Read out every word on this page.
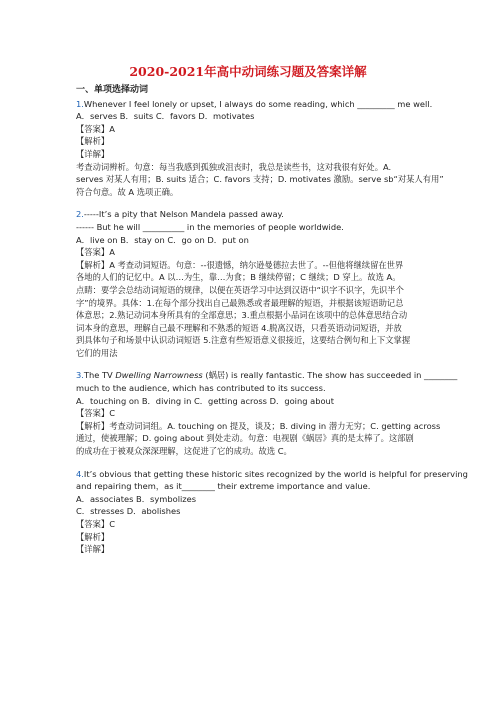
2020-2021年高中动词练习题及答案详解
一、单项选择动词
1.Whenever I feel lonely or upset, I always do some reading, which _________ me well.
A．serves B．suits C．favors D．motivates
【答案】A
【解析】
【详解】
考查动词辨析。句意：每当我感到孤独或沮丧时，我总是读些书，这对我很有好处。A.
serves 对某人有用；B. suits 适合；C. favors 支持；D. motivates 激励。serve sb“对某人有用”
符合句意。故 A 选项正确。
2.-----It’s a pity that Nelson Mandela passed away.
------ But he will __________ in the memories of people worldwide.
A．live on B．stay on C．go on D．put on
【答案】A
【解析】A 考查动词短语。句意：--很遗憾，纳尔逊曼德拉去世了。--但他将继续留在世界
各地的人们的记忆中。A 以…为生，靠…为食；B 继续停留；C 继续；D 穿上。故选 A。
点睛：要学会总结动词短语的规律，以便在英语学习中达到汉语中“识字不识字，先识半个
字”的境界。具体：1.在每个部分找出自己最熟悉或者最理解的短语，并根据该短语助记总
体意思；2.熟记动词本身所具有的全部意思；3.重点根据小品词在该项中的总体意思结合动
词本身的意思，理解自己最不理解和不熟悉的短语 4.脱离汉语，只看英语动词短语，并放
到具体句子和场景中认识动词短语 5.注意有些短语意义很接近，这要结合例句和上下文掌握
它们的用法
3.The TV Dwelling Narrowness (蜗居) is really fantastic. The show has succeeded in ________
much to the audience, which has contributed to its success.
A．touching on B．diving in C．getting across D．going about
【答案】C
【解析】考查动词词组。A. touching on 提及，谈及；B. diving in 潜力无穷；C. getting across
通过，使被理解；D. going about 到处走动。句意：电视剧《蜗居》真的是太棒了。这部剧
的成功在于被观众深深理解，这促进了它的成功。故选 C。
4.It’s obvious that getting these historic sites recognized by the world is helpful for preserving
and repairing them，as it________ their extreme importance and value.
A．associates B．symbolizes
C．stresses D．abolishes
【答案】C
【解析】
【详解】
